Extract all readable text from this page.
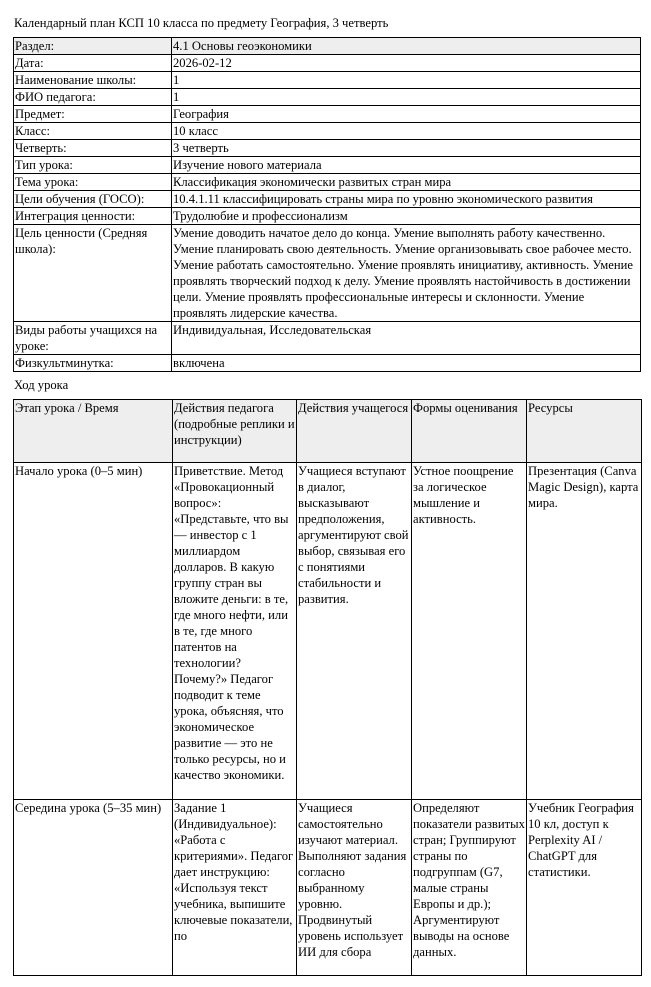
Календарный план КСП 10 класса по предмету География, 3 четверть
Раздел:	4.1 Основы геоэкономики
Дата:	2026-02-12
Наименование школы:	1
ФИО педагога:	1
Предмет:	География
Класс:	10 класс
Четверть:	3 четверть
Тип урока:	Изучение нового материала
Тема урока:	Классификация экономически развитых стран мира
Цели обучения (ГОСО):	10.4.1.11 классифицировать страны мира по уровню экономического развития
Интеграция ценности:	Трудолюбие и профессионализм
Цель ценности (Средняя школа):	Умение доводить начатое дело до конца. Умение выполнять работу качественно. Умение планировать свою деятельность. Умение организовывать свое рабочее место. Умение работать самостоятельно. Умение проявлять инициативу, активность. Умение проявлять творческий подход к делу. Умение проявлять настойчивость в достижении цели. Умение проявлять профессиональные интересы и склонности. Умение проявлять лидерские качества.
Виды работы учащихся на уроке:	Индивидуальная, Исследовательская
Физкультминутка:	включена
Ход урока
Этап урока / Время	Действия педагога (подробные реплики и инструкции)	Действия учащегося	Формы оценивания	Ресурсы
Начало урока (0–5 мин)	Приветствие. Метод «Провокационный вопрос»: «Представьте, что вы — инвестор с 1 миллиардом долларов. В какую группу стран вы вложите деньги: в те, где много нефти, или в те, где много патентов на технологии? Почему?» Педагог подводит к теме урока, объясняя, что экономическое развитие — это не только ресурсы, но и качество экономики.	Учащиеся вступают в диалог, высказывают предположения, аргументируют свой выбор, связывая его с понятиями стабильности и развития.	Устное поощрение за логическое мышление и активность.	Презентация (Canva Magic Design), карта мира.

Середина урока (5–35 мин)	Задание 1 (Индивидуальное): «Работа с критериями». Педагог дает инструкцию: «Используя текст учебника, выпишите ключевые показатели, по	Учащиеся самостоятельно изучают материал. Выполняют задания согласно выбранному уровню. Продвинутый уровень использует ИИ для сбора	Определяют показатели развитых стран; Группируют страны по подгруппам (G7, малые страны Европы и др.); Аргументируют выводы на основе данных.	Учебник География 10 кл, доступ к Perplexity AI / ChatGPT для статистики.
